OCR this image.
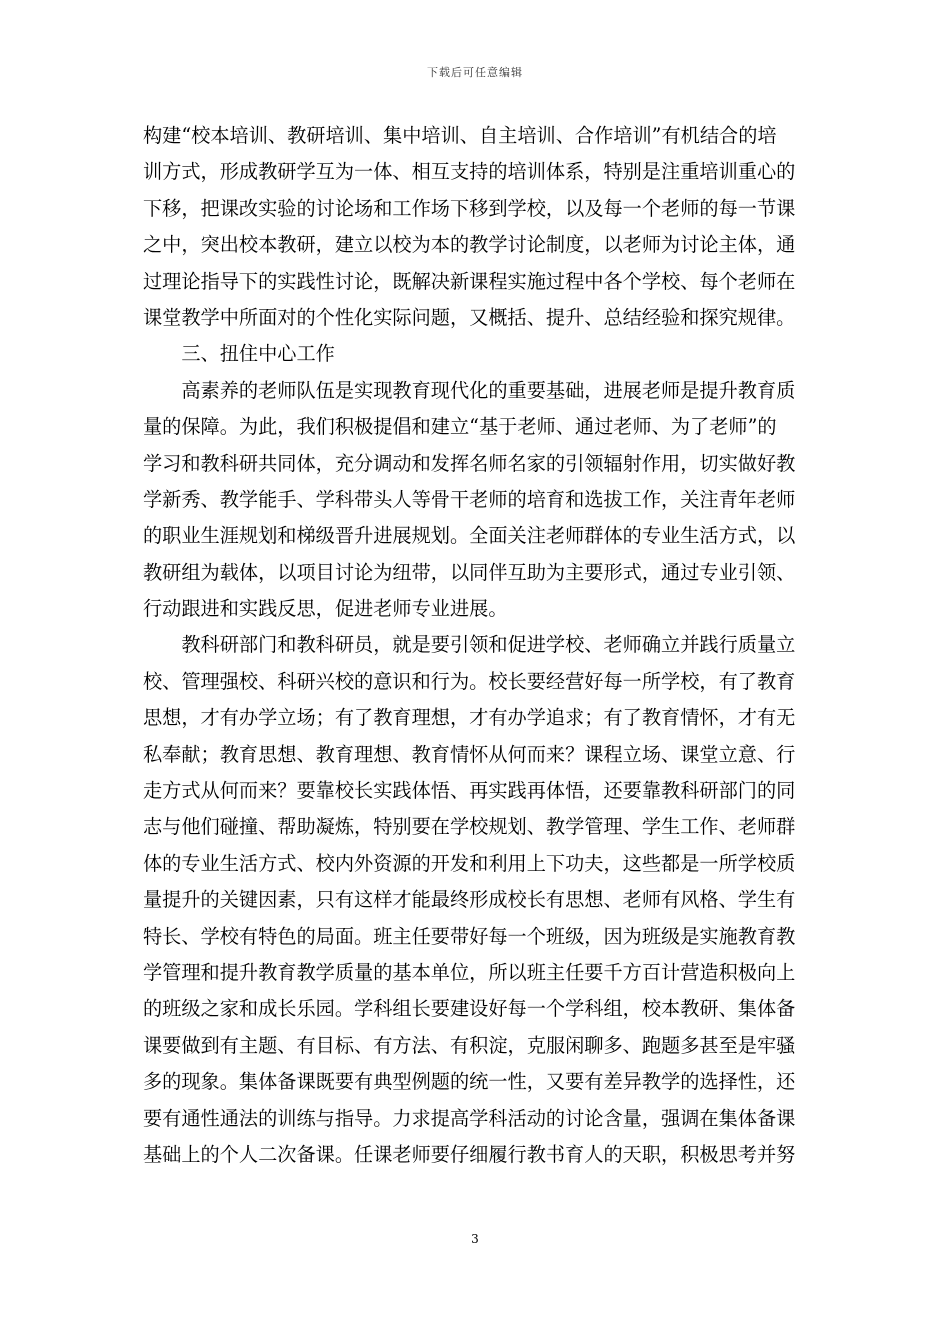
下载后可任意编辑
构建“校本培训、教研培训、集中培训、自主培训、合作培训”有机结合的培
训方式，形成教研学互为一体、相互支持的培训体系，特别是注重培训重心的
下移，把课改实验的讨论场和工作场下移到学校，以及每一个老师的每一节课
之中，突出校本教研，建立以校为本的教学讨论制度，以老师为讨论主体，通
过理论指导下的实践性讨论，既解决新课程实施过程中各个学校、每个老师在
课堂教学中所面对的个性化实际问题，又概括、提升、总结经验和探究规律。
　　三、扭住中心工作
　　高素养的老师队伍是实现教育现代化的重要基础，进展老师是提升教育质
量的保障。为此，我们积极提倡和建立“基于老师、通过老师、为了老师”的
学习和教科研共同体，充分调动和发挥名师名家的引领辐射作用，切实做好教
学新秀、教学能手、学科带头人等骨干老师的培育和选拔工作，关注青年老师
的职业生涯规划和梯级晋升进展规划。全面关注老师群体的专业生活方式，以
教研组为载体，以项目讨论为纽带，以同伴互助为主要形式，通过专业引领、
行动跟进和实践反思，促进老师专业进展。
　　教科研部门和教科研员，就是要引领和促进学校、老师确立并践行质量立
校、管理强校、科研兴校的意识和行为。校长要经营好每一所学校，有了教育
思想，才有办学立场；有了教育理想，才有办学追求；有了教育情怀，才有无
私奉献；教育思想、教育理想、教育情怀从何而来？课程立场、课堂立意、行
走方式从何而来？要靠校长实践体悟、再实践再体悟，还要靠教科研部门的同
志与他们碰撞、帮助凝炼，特别要在学校规划、教学管理、学生工作、老师群
体的专业生活方式、校内外资源的开发和利用上下功夫，这些都是一所学校质
量提升的关键因素，只有这样才能最终形成校长有思想、老师有风格、学生有
特长、学校有特色的局面。班主任要带好每一个班级，因为班级是实施教育教
学管理和提升教育教学质量的基本单位，所以班主任要千方百计营造积极向上
的班级之家和成长乐园。学科组长要建设好每一个学科组，校本教研、集体备
课要做到有主题、有目标、有方法、有积淀，克服闲聊多、跑题多甚至是牢骚
多的现象。集体备课既要有典型例题的统一性，又要有差异教学的选择性，还
要有通性通法的训练与指导。力求提高学科活动的讨论含量，强调在集体备课
基础上的个人二次备课。任课老师要仔细履行教书育人的天职，积极思考并努
3
